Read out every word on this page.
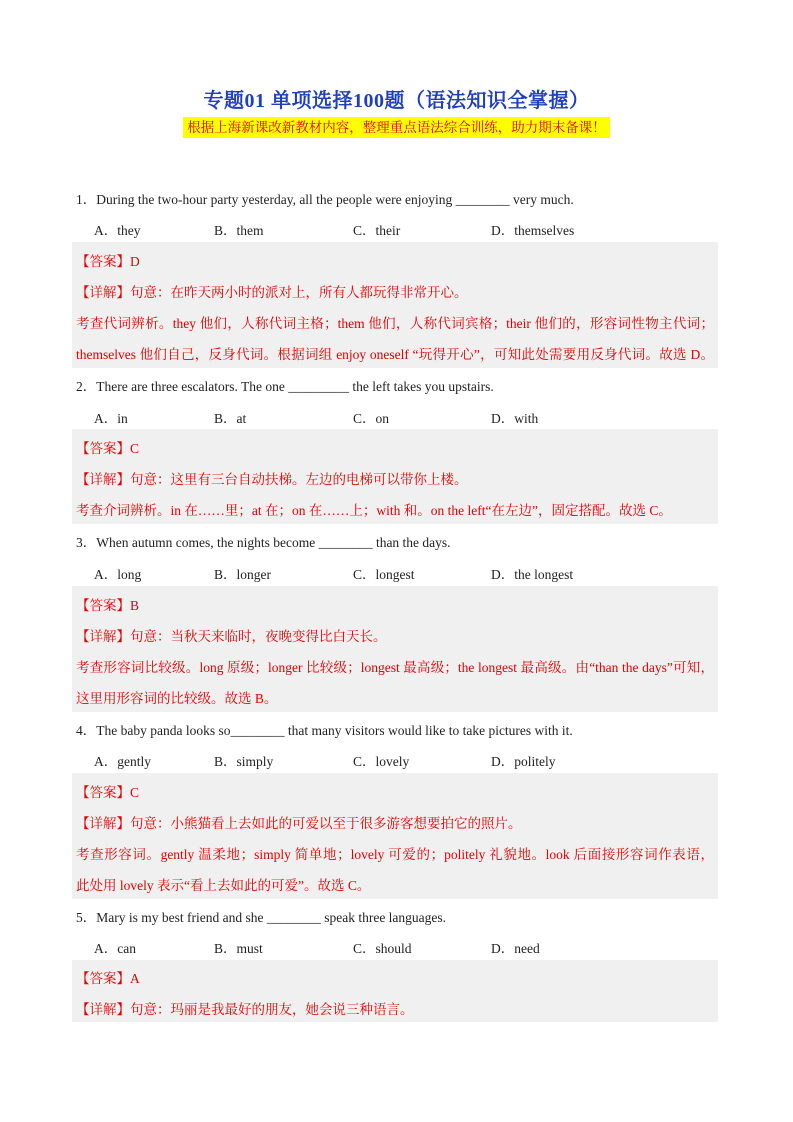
专题01 单项选择100题（语法知识全掌握）
根据上海新课改新教材内容，整理重点语法综合训练，助力期末备课！
1．During the two-hour party yesterday, all the people were enjoying ________ very much.
A．they	B．them	C．their	D．themselves
【答案】D
【详解】句意：在昨天两小时的派对上，所有人都玩得非常开心。
考查代词辨析。they 他们，人称代词主格；them 他们，人称代词宾格；their 他们的，形容词性物主代词；
themselves 他们自己，反身代词。根据词组 enjoy oneself “玩得开心”，可知此处需要用反身代词。故选 D。
2．There are three escalators. The one _________ the left takes you upstairs.
A．in	B．at	C．on	D．with
【答案】C
【详解】句意：这里有三台自动扶梯。左边的电梯可以带你上楼。
考查介词辨析。in 在……里；at 在；on 在……上；with 和。on the left“在左边”，固定搭配。故选 C。
3．When autumn comes, the nights become ________ than the days.
A．long	B．longer	C．longest	D．the longest
【答案】B
【详解】句意：当秋天来临时，夜晚变得比白天长。
考查形容词比较级。long 原级；longer 比较级；longest 最高级；the longest 最高级。由“than the days”可知，
这里用形容词的比较级。故选 B。
4．The baby panda looks so________ that many visitors would like to take pictures with it.
A．gently	B．simply	C．lovely	D．politely
【答案】C
【详解】句意：小熊猫看上去如此的可爱以至于很多游客想要拍它的照片。
考查形容词。gently 温柔地；simply 简单地；lovely 可爱的；politely 礼貌地。look 后面接形容词作表语，
此处用 lovely 表示“看上去如此的可爱”。故选 C。
5．Mary is my best friend and she ________ speak three languages.
A．can	B．must	C．should	D．need
【答案】A
【详解】句意：玛丽是我最好的朋友，她会说三种语言。
